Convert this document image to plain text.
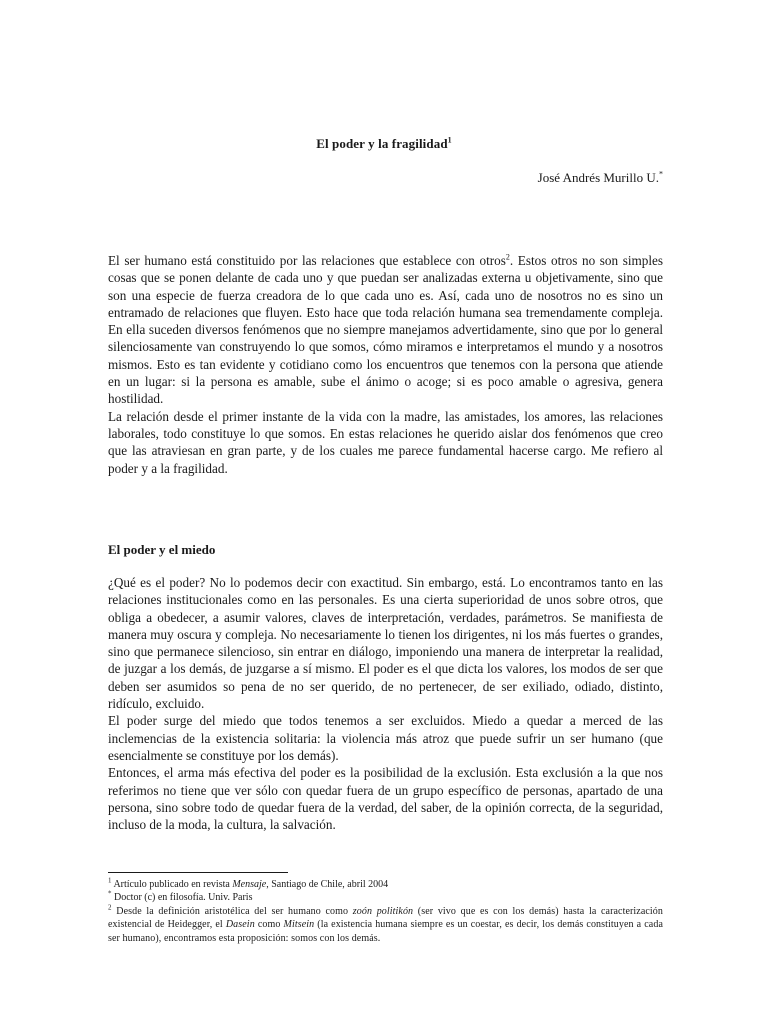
El poder y la fragilidad$^1$
José Andrés Murillo U.*

El ser humano está constituido por las relaciones que establece con otros$^2$. Estos otros no son simples cosas que se ponen delante de cada uno y que puedan ser analizadas externa u objetivamente, sino que son una especie de fuerza creadora de lo que cada uno es. Así, cada uno de nosotros no es sino un entramado de relaciones que fluyen. Esto hace que toda relación humana sea tremendamente compleja. En ella suceden diversos fenómenos que no siempre manejamos advertidamente, sino que por lo general silenciosamente van construyendo lo que somos, cómo miramos e interpretamos el mundo y a nosotros mismos. Esto es tan evidente y cotidiano como los encuentros que tenemos con la persona que atiende en un lugar: si la persona es amable, sube el ánimo o acoge; si es poco amable o agresiva, genera hostilidad.

La relación desde el primer instante de la vida con la madre, las amistades, los amores, las relaciones laborales, todo constituye lo que somos. En estas relaciones he querido aislar dos fenómenos que creo que las atraviesan en gran parte, y de los cuales me parece fundamental hacerse cargo. Me refiero al poder y a la fragilidad.

El poder y el miedo

¿Qué es el poder? No lo podemos decir con exactitud. Sin embargo, está. Lo encontramos tanto en las relaciones institucionales como en las personales. Es una cierta superioridad de unos sobre otros, que obliga a obedecer, a asumir valores, claves de interpretación, verdades, parámetros. Se manifiesta de manera muy oscura y compleja. No necesariamente lo tienen los dirigentes, ni los más fuertes o grandes, sino que permanece silencioso, sin entrar en diálogo, imponiendo una manera de interpretar la realidad, de juzgar a los demás, de juzgarse a sí mismo. El poder es el que dicta los valores, los modos de ser que deben ser asumidos so pena de no ser querido, de no pertenecer, de ser exiliado, odiado, distinto, ridículo, excluido.

El poder surge del miedo que todos tenemos a ser excluidos. Miedo a quedar a merced de las inclemencias de la existencia solitaria: la violencia más atroz que puede sufrir un ser humano (que esencialmente se constituye por los demás).

Entonces, el arma más efectiva del poder es la posibilidad de la exclusión. Esta exclusión a la que nos referimos no tiene que ver sólo con quedar fuera de un grupo específico de personas, apartado de una persona, sino sobre todo de quedar fuera de la verdad, del saber, de la opinión correcta, de la seguridad, incluso de la moda, la cultura, la salvación.

$^1$ Artículo publicado en revista Mensaje, Santiago de Chile, abril 2004

* Doctor (c) en filosofía. Univ. Paris

$^2$ Desde la definición aristotélica del ser humano como zoón politikón (ser vivo que es con los demás) hasta la caracterización existencial de Heidegger, el Dasein como Mitsein (la existencia humana siempre es un coestar, es decir, los demás constituyen a cada ser humano), encontramos esta proposición: somos con los demás.
